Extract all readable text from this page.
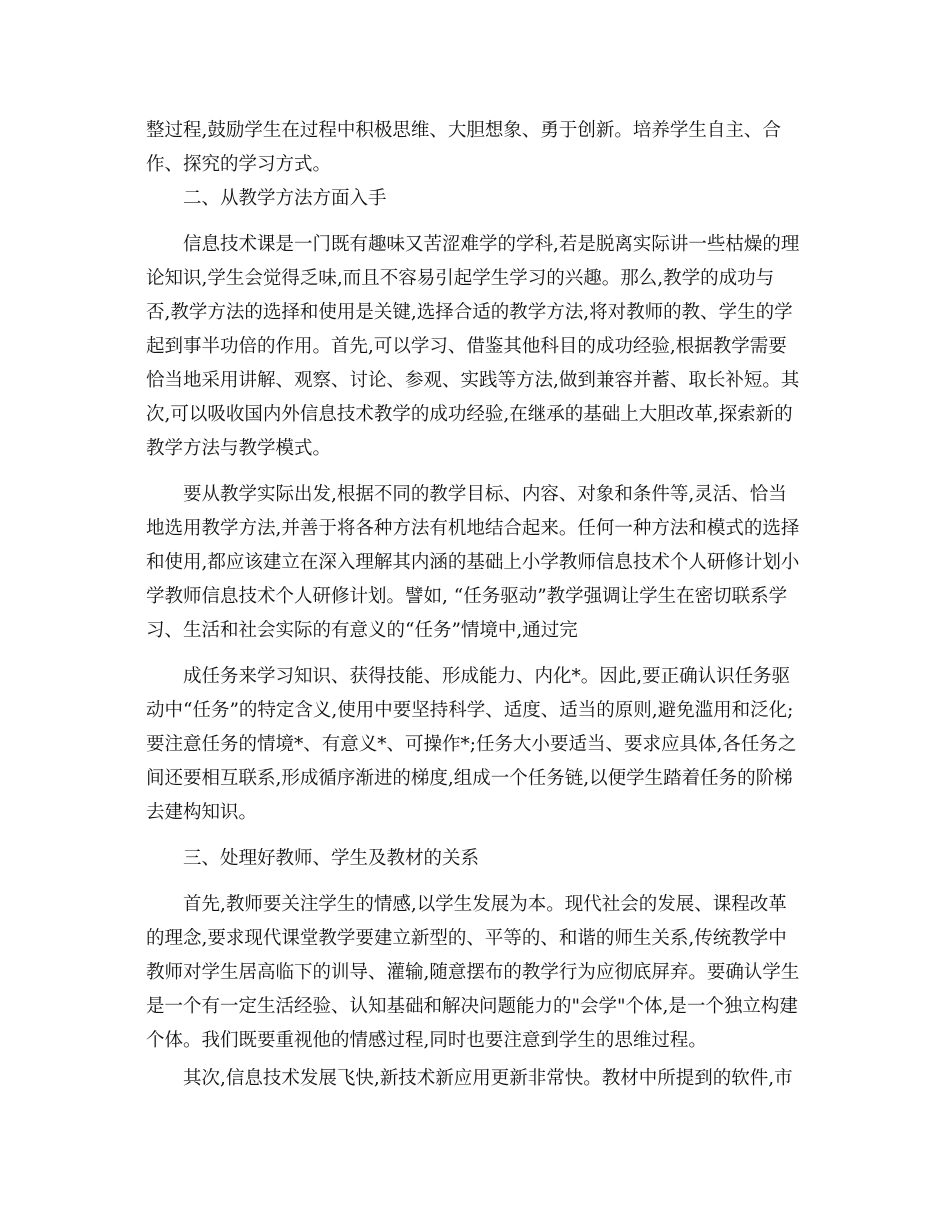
整过程,鼓励学生在过程中积极思维、大胆想象、勇于创新。培养学生自主、合
作、探究的学习方式。
二、从教学方法方面入手
信息技术课是一门既有趣味又苦涩难学的学科,若是脱离实际讲一些枯燥的理
论知识,学生会觉得乏味,而且不容易引起学生学习的兴趣。那么,教学的成功与
否,教学方法的选择和使用是关键,选择合适的教学方法,将对教师的教、学生的学
起到事半功倍的作用。首先,可以学习、借鉴其他科目的成功经验,根据教学需要
恰当地采用讲解、观察、讨论、参观、实践等方法,做到兼容并蓄、取长补短。其
次,可以吸收国内外信息技术教学的成功经验,在继承的基础上大胆改革,探索新的
教学方法与教学模式。
要从教学实际出发,根据不同的教学目标、内容、对象和条件等,灵活、恰当
地选用教学方法,并善于将各种方法有机地结合起来。任何一种方法和模式的选择
和使用,都应该建立在深入理解其内涵的基础上小学教师信息技术个人研修计划小
学教师信息技术个人研修计划。譬如, “任务驱动”教学强调让学生在密切联系学
习、生活和社会实际的有意义的“任务”情境中,通过完
成任务来学习知识、获得技能、形成能力、内化*。因此,要正确认识任务驱
动中“任务”的特定含义,使用中要坚持科学、适度、适当的原则,避免滥用和泛化;
要注意任务的情境*、有意义*、可操作*;任务大小要适当、要求应具体,各任务之
间还要相互联系,形成循序渐进的梯度,组成一个任务链,以便学生踏着任务的阶梯
去建构知识。
三、处理好教师、学生及教材的关系
首先,教师要关注学生的情感,以学生发展为本。现代社会的发展、课程改革
的理念,要求现代课堂教学要建立新型的、平等的、和谐的师生关系,传统教学中
教师对学生居高临下的训导、灌输,随意摆布的教学行为应彻底屏弃。要确认学生
是一个有一定生活经验、认知基础和解决问题能力的"会学"个体,是一个独立构建
个体。我们既要重视他的情感过程,同时也要注意到学生的思维过程。
其次,信息技术发展飞快,新技术新应用更新非常快。教材中所提到的软件,市
